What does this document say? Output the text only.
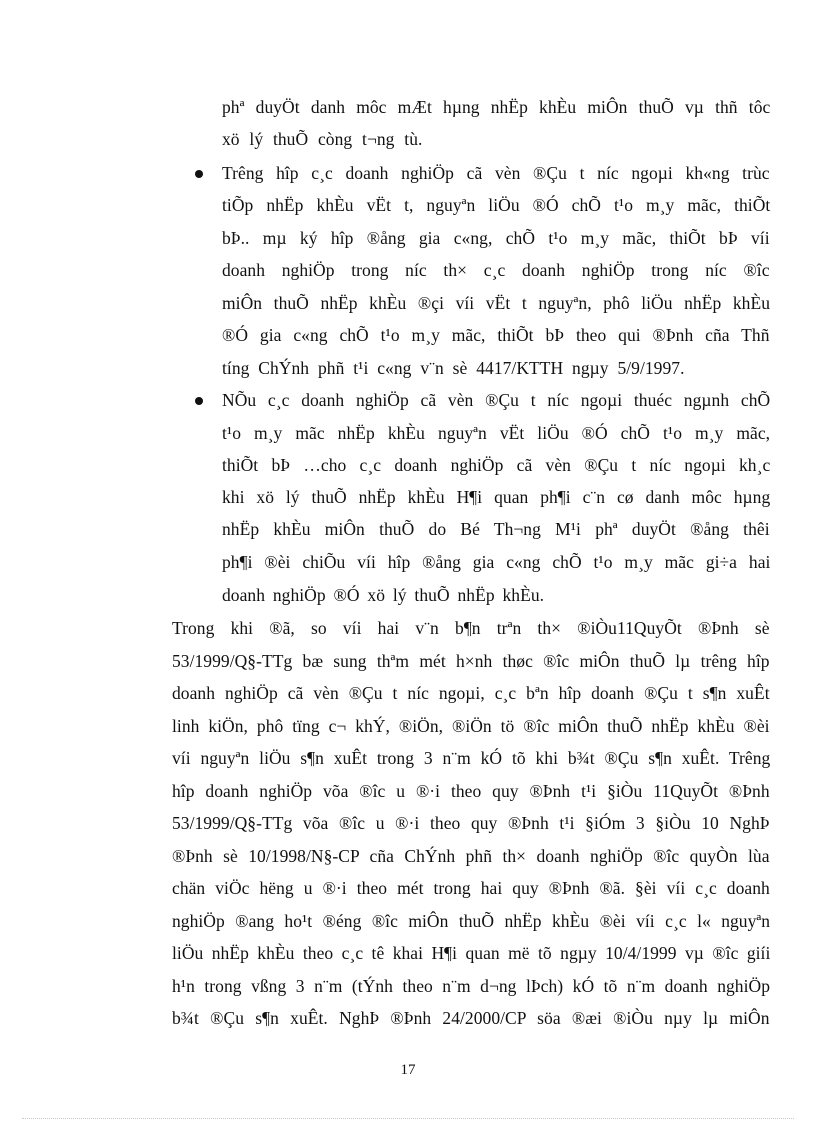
phª duyÖt danh môc mÆt hµng nhËp khÈu miÔn thuÕ vµ thñ tôc
xö lý thuÕ còng t¬ng tù.
Trêng hîp c¸c doanh nghiÖp cã vèn ®Çu t níc ngoµi kh«ng trùc
tiÕp nhËp khÈu vËt t, nguyªn liÖu ®Ó chÕ t¹o m¸y mãc, thiÕt
bÞ.. mµ ký hîp ®ång gia c«ng, chÕ t¹o m¸y mãc, thiÕt bÞ víi
doanh nghiÖp trong níc th× c¸c doanh nghiÖp trong níc ®îc
miÔn thuÕ nhËp khÈu ®çi víi vËt t nguyªn, phô liÖu nhËp khÈu
®Ó gia c«ng chÕ t¹o m¸y mãc, thiÕt bÞ theo qui ®Þnh cña Thñ
tíng ChÝnh phñ t¹i c«ng v¨n sè 4417/KTTH ngµy 5/9/1997.
NÕu c¸c doanh nghiÖp cã vèn ®Çu t níc ngoµi thuéc ngµnh chÕ
t¹o m¸y mãc nhËp khÈu nguyªn vËt liÖu ®Ó chÕ t¹o m¸y mãc,
thiÕt bÞ …cho c¸c doanh nghiÖp cã vèn ®Çu t níc ngoµi kh¸c
khi xö lý thuÕ nhËp khÈu H¶i quan ph¶i c¨n cø danh môc hµng
nhËp khÈu miÔn thuÕ do Bé Th¬ng M¹i phª duyÖt ®ång thêi
ph¶i ®èi chiÕu víi hîp ®ång gia c«ng chÕ t¹o m¸y mãc gi÷a hai
doanh nghiÖp ®Ó xö lý thuÕ nhËp khÈu.
Trong khi ®ã, so víi hai v¨n b¶n trªn th× ®iÒu11QuyÕt ®Þnh sè
53/1999/Q§-TTg bæ sung thªm mét h×nh thøc ®îc miÔn thuÕ lµ trêng hîp
doanh nghiÖp cã vèn ®Çu t níc ngoµi, c¸c bªn hîp doanh ®Çu t s¶n xuÊt
linh kiÖn, phô tïng c¬ khÝ, ®iÖn, ®iÖn tö ®îc miÔn thuÕ nhËp khÈu ®èi
víi nguyªn liÖu s¶n xuÊt trong 3 n¨m kÓ tõ khi b¾t ®Çu s¶n xuÊt. Trêng
hîp doanh nghiÖp võa ®îc u ®·i theo quy ®Þnh t¹i §iÒu 11QuyÕt ®Þnh
53/1999/Q§-TTg võa ®îc u ®·i theo quy ®Þnh t¹i §iÓm 3 §iÒu 10 NghÞ
®Þnh sè 10/1998/N§-CP cña ChÝnh phñ th× doanh nghiÖp ®îc quyÒn lùa
chän viÖc hëng u ®·i theo mét trong hai quy ®Þnh ®ã. §èi víi c¸c doanh
nghiÖp ®ang ho¹t ®éng ®îc miÔn thuÕ nhËp khÈu ®èi víi c¸c l« nguyªn
liÖu nhËp khÈu theo c¸c tê khai H¶i quan më tõ ngµy 10/4/1999 vµ ®îc giíi
h¹n trong vßng 3 n¨m (tÝnh theo n¨m d¬ng lÞch) kÓ tõ n¨m doanh nghiÖp
b¾t ®Çu s¶n xuÊt. NghÞ ®Þnh 24/2000/CP söa ®æi ®iÒu nµy lµ miÔn
17
